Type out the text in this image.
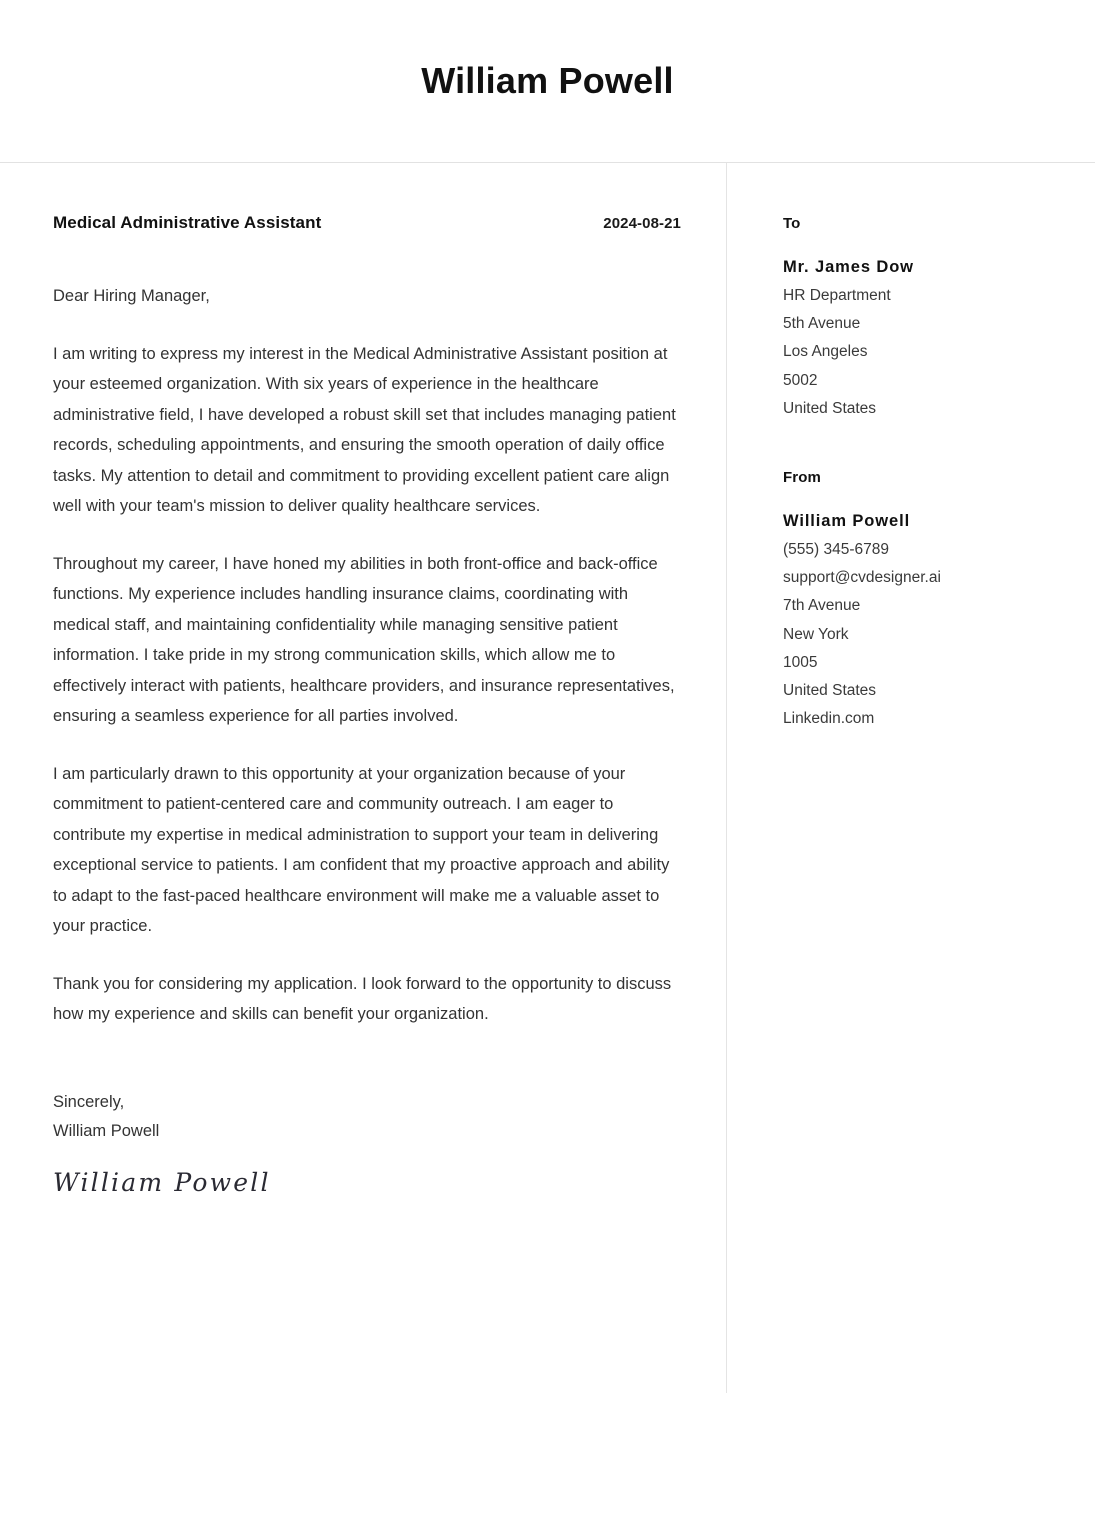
William Powell
Medical Administrative Assistant	2024-08-21
Dear Hiring Manager,

I am writing to express my interest in the Medical Administrative Assistant position at your esteemed organization. With six years of experience in the healthcare administrative field, I have developed a robust skill set that includes managing patient records, scheduling appointments, and ensuring the smooth operation of daily office tasks. My attention to detail and commitment to providing excellent patient care align well with your team's mission to deliver quality healthcare services.

Throughout my career, I have honed my abilities in both front-office and back-office functions. My experience includes handling insurance claims, coordinating with medical staff, and maintaining confidentiality while managing sensitive patient information. I take pride in my strong communication skills, which allow me to effectively interact with patients, healthcare providers, and insurance representatives, ensuring a seamless experience for all parties involved.

I am particularly drawn to this opportunity at your organization because of your commitment to patient-centered care and community outreach. I am eager to contribute my expertise in medical administration to support your team in delivering exceptional service to patients. I am confident that my proactive approach and ability to adapt to the fast-paced healthcare environment will make me a valuable asset to your practice.

Thank you for considering my application. I look forward to the opportunity to discuss how my experience and skills can benefit your organization.

Sincerely,
William Powell
William Powell
To
Mr. James Dow
HR Department
5th Avenue
Los Angeles
5002
United States
From
William Powell
(555) 345-6789
support@cvdesigner.ai
7th Avenue
New York
1005
United States
Linkedin.com
